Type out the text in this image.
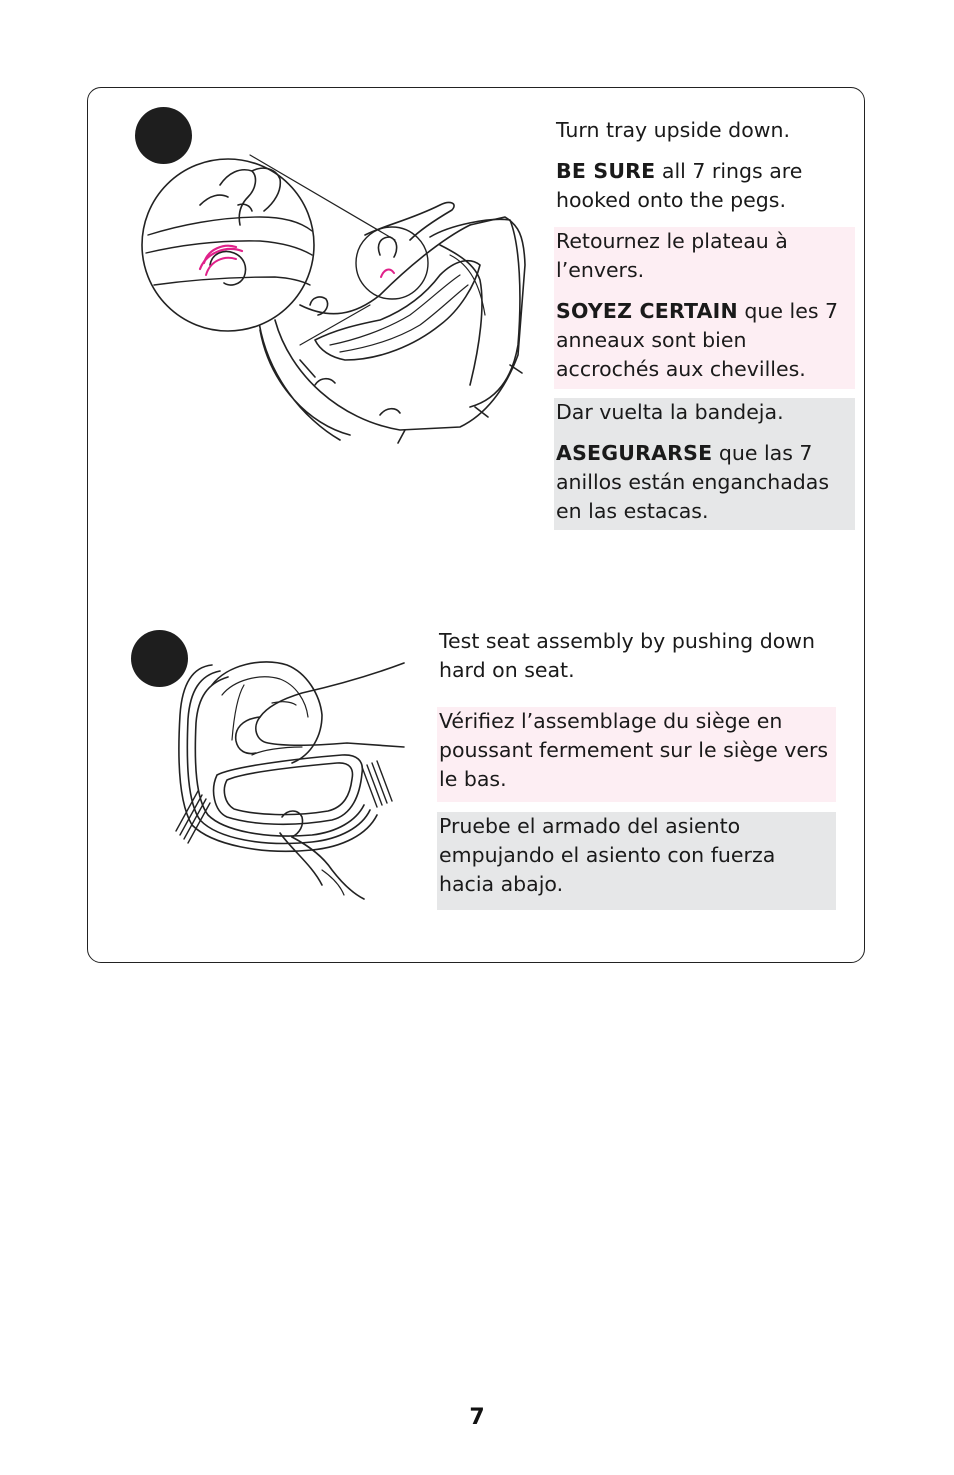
Turn tray upside down.

BE SURE all 7 rings are hooked onto the pegs.

Retournez le plateau à l’envers.

SOYEZ CERTAIN que les 7 anneaux sont bien accrochés aux chevilles.

Dar vuelta la bandeja.

ASEGURARSE que las 7 anillos están enganchadas en las estacas.

Test seat assembly by pushing down hard on seat.

Vérifiez l’assemblage du siège en poussant fermement sur le siège vers le bas.

Pruebe el armado del asiento empujando el asiento con fuerza hacia abajo.

7
